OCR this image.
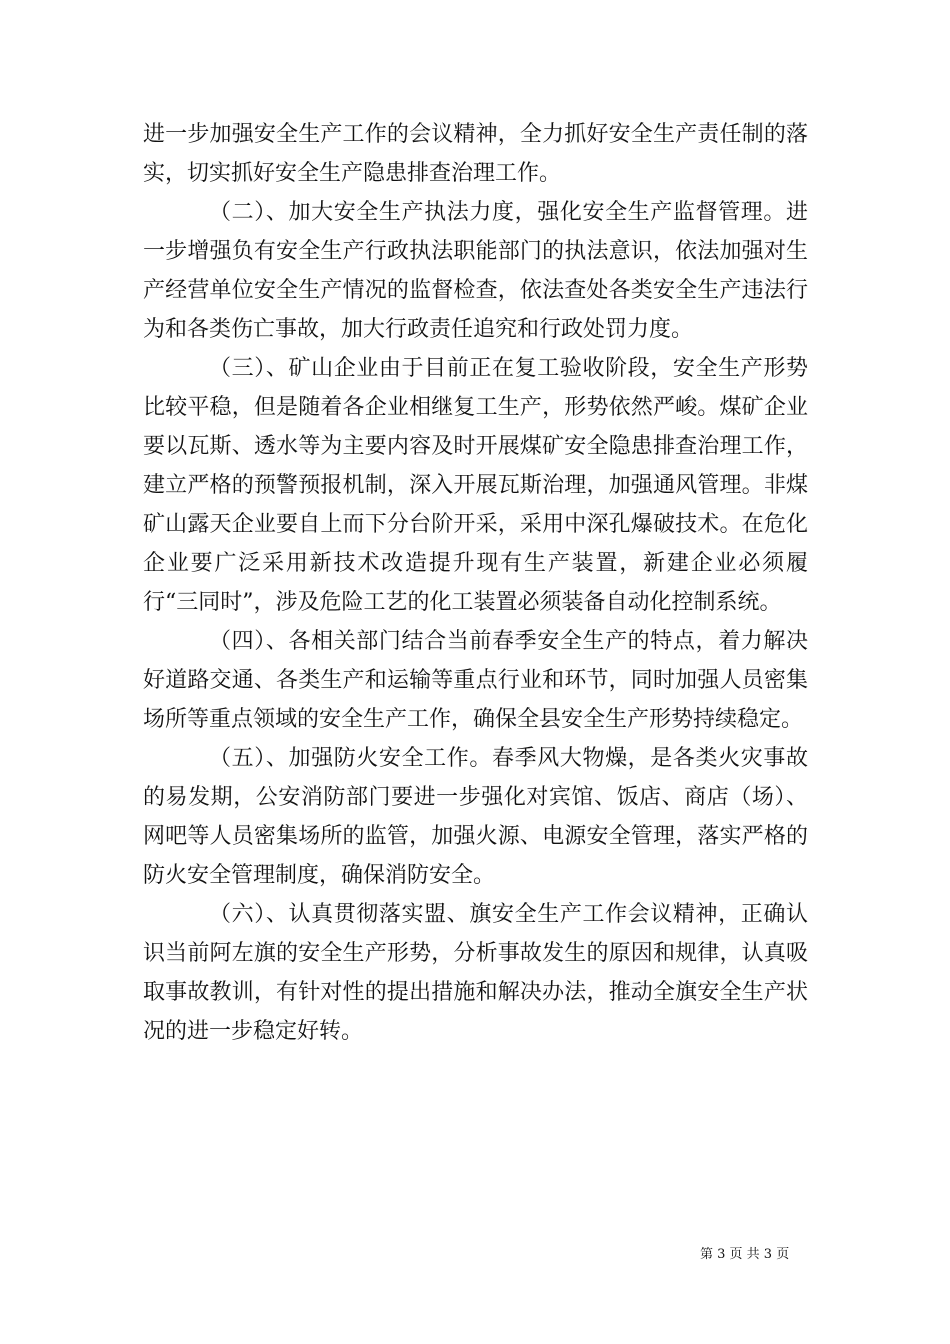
进一步加强安全生产工作的会议精神，全力抓好安全生产责任制的落实，切实抓好安全生产隐患排查治理工作。

（二）、加大安全生产执法力度，强化安全生产监督管理。进一步增强负有安全生产行政执法职能部门的执法意识，依法加强对生产经营单位安全生产情况的监督检查，依法查处各类安全生产违法行为和各类伤亡事故，加大行政责任追究和行政处罚力度。

（三）、矿山企业由于目前正在复工验收阶段，安全生产形势比较平稳，但是随着各企业相继复工生产，形势依然严峻。煤矿企业要以瓦斯、透水等为主要内容及时开展煤矿安全隐患排查治理工作，建立严格的预警预报机制，深入开展瓦斯治理，加强通风管理。非煤矿山露天企业要自上而下分台阶开采，采用中深孔爆破技术。在危化企业要广泛采用新技术改造提升现有生产装置，新建企业必须履行“三同时”，涉及危险工艺的化工装置必须装备自动化控制系统。

（四）、各相关部门结合当前春季安全生产的特点，着力解决好道路交通、各类生产和运输等重点行业和环节，同时加强人员密集场所等重点领域的安全生产工作，确保全县安全生产形势持续稳定。

（五）、加强防火安全工作。春季风大物燥，是各类火灾事故的易发期，公安消防部门要进一步强化对宾馆、饭店、商店（场）、网吧等人员密集场所的监管，加强火源、电源安全管理，落实严格的防火安全管理制度，确保消防安全。

（六）、认真贯彻落实盟、旗安全生产工作会议精神，正确认识当前阿左旗的安全生产形势，分析事故发生的原因和规律，认真吸取事故教训，有针对性的提出措施和解决办法，推动全旗安全生产状况的进一步稳定好转。

第 3 页 共 3 页
